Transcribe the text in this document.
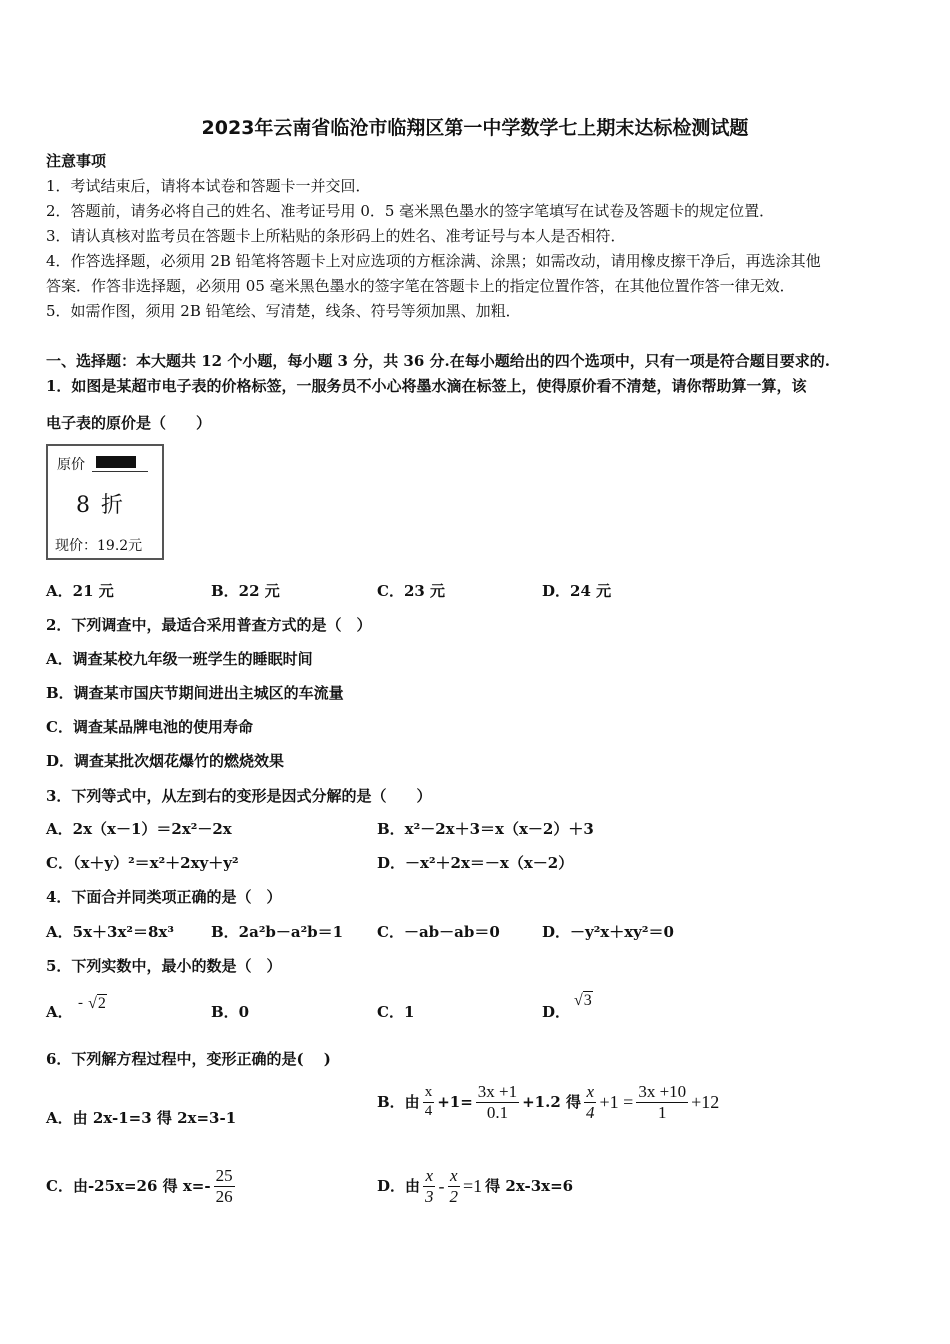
2023年云南省临沧市临翔区第一中学数学七上期末达标检测试题
注意事项
1．考试结束后，请将本试卷和答题卡一并交回．
2．答题前，请务必将自己的姓名、准考证号用 0．5 毫米黑色墨水的签字笔填写在试卷及答题卡的规定位置．
3．请认真核对监考员在答题卡上所粘贴的条形码上的姓名、准考证号与本人是否相符．
4．作答选择题，必须用 2B 铅笔将答题卡上对应选项的方框涂满、涂黑；如需改动，请用橡皮擦干净后，再选涂其他
答案．作答非选择题，必须用 05 毫米黑色墨水的签字笔在答题卡上的指定位置作答，在其他位置作答一律无效．
5．如需作图，须用 2B 铅笔绘、写清楚，线条、符号等须加黑、加粗．
一、选择题：本大题共 12 个小题，每小题 3 分，共 36 分.在每小题给出的四个选项中，只有一项是符合题目要求的.
1．如图是某超市电子表的价格标签，一服务员不小心将墨水滴在标签上，使得原价看不清楚，请你帮助算一算，该
电子表的原价是（　　）
原价
8 折
现价：19.2元
A．21 元	B．22 元	C．23 元	D．24 元
2．下列调查中，最适合采用普查方式的是（　）
A．调查某校九年级一班学生的睡眠时间
B．调查某市国庆节期间进出主城区的车流量
C．调查某品牌电池的使用寿命
D．调查某批次烟花爆竹的燃烧效果
3．下列等式中，从左到右的变形是因式分解的是（　　）
A．2x（x－1）＝2x²－2x	B．x²－2x＋3＝x（x－2）＋3
C．（x＋y）²＝x²＋2xy＋y²	D．－x²＋2x＝－x（x－2）
4．下面合并同类项正确的是（　）
A．5x＋3x²＝8x³ B．2a²b－a²b＝1 C．－ab－ab＝0	D．－y²x＋xy²＝0
5．下列实数中，最小的数是（　）
A． - √2	B．0	C．1	D．
√3
6．下列解方程过程中，变形正确的是(　 )
A．由 2x-1=3 得 2x=3-1
B．由 $\frac{x}{4} +1= \frac{3x +1}{0.1} +1.2$ 得 $\frac{x}{4} +1 = \frac{3x +10}{1} +12$
C．由-25x=26 得 $x=- \frac{25}{26}$	D．由 $\frac{x}{3} - \frac{x}{2} =1$ 得 2x-3x=6
